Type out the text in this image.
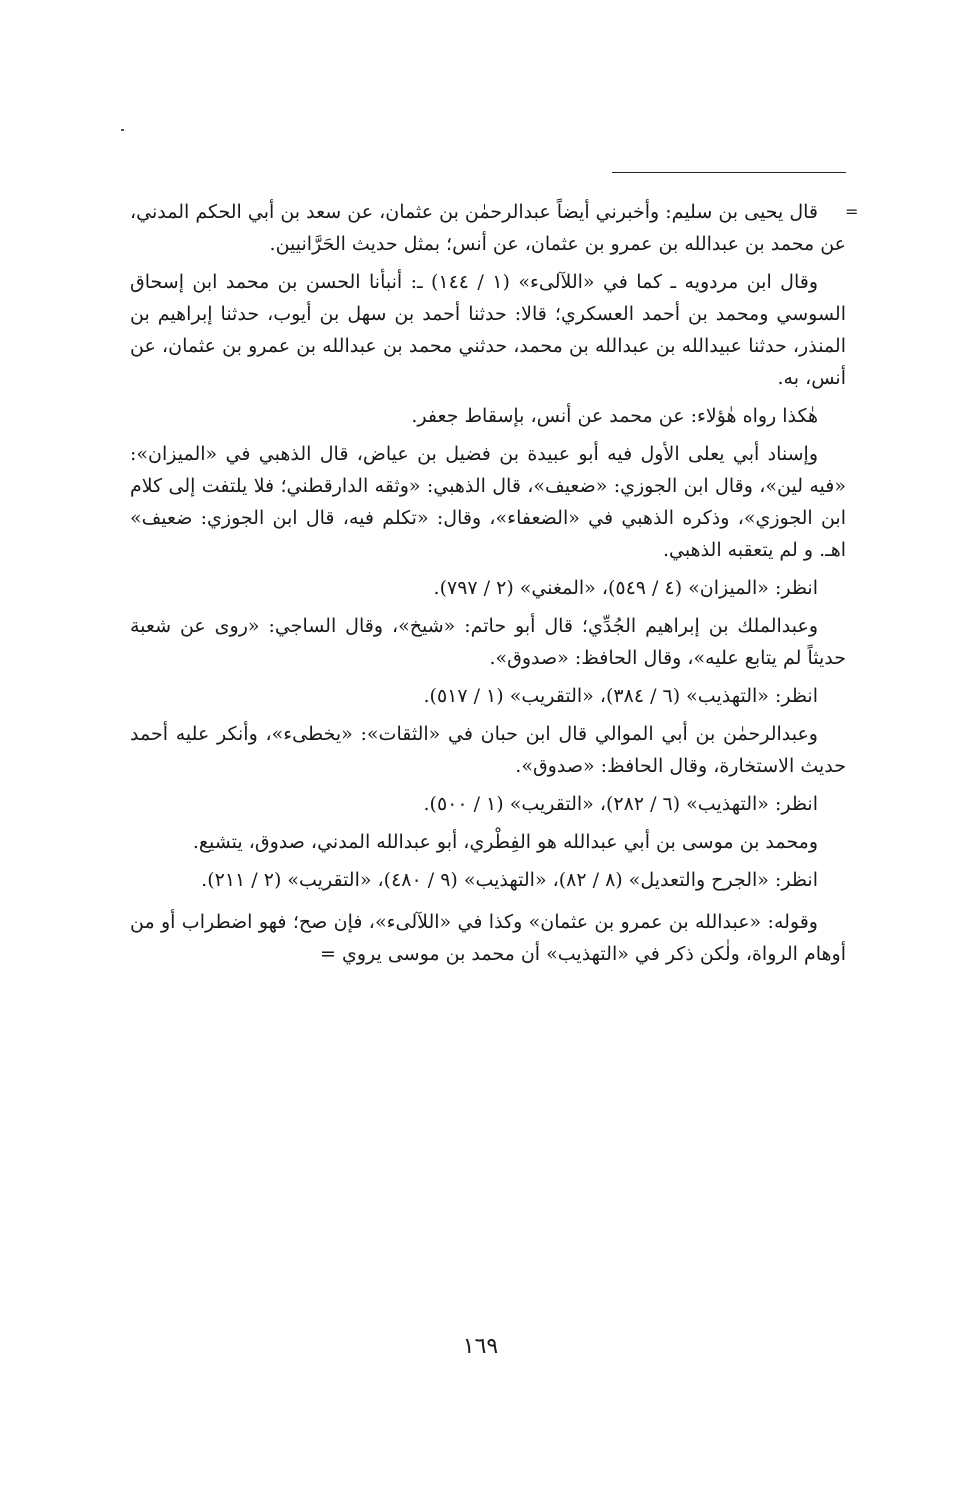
=

قال يحيى بن سليم: وأخبرني أيضاً عبدالرحمٰن بن عثمان، عن سعد بن أبي الحكم المدني، عن محمد بن عبدالله بن عمرو بن عثمان، عن أنس؛ بمثل حديث الحَرَّانيين.

وقال ابن مردويه ـ كما في «اللآلىء» (١ / ١٤٤) ـ: أنبأنا الحسن بن محمد ابن إسحاق السوسي ومحمد بن أحمد العسكري؛ قالا: حدثنا أحمد بن سهل بن أيوب، حدثنا إبراهيم بن المنذر، حدثنا عبيدالله بن عبدالله بن محمد، حدثني محمد بن عبدالله بن عمرو بن عثمان، عن أنس، به.

هٰكذا رواه هٰؤلاء: عن محمد عن أنس، بإسقاط جعفر.

وإسناد أبي يعلى الأول فيه أبو عبيدة بن فضيل بن عياض، قال الذهبي في «الميزان»: «فيه لين»، وقال ابن الجوزي: «ضعيف»، قال الذهبي: «وثقه الدارقطني؛ فلا يلتفت إلى كلام ابن الجوزي»، وذكره الذهبي في «الضعفاء»، وقال: «تكلم فيه، قال ابن الجوزي: ضعيف» اهـ. و لم يتعقبه الذهبي.

انظر: «الميزان» (٤ / ٥٤٩)، «المغني» (٢ / ٧٩٧).

وعبدالملك بن إبراهيم الجُدِّي؛ قال أبو حاتم: «شيخ»، وقال الساجي: «روى عن شعبة حديثاً لم يتابع عليه»، وقال الحافظ: «صدوق».

انظر: «التهذيب» (٦ / ٣٨٤)، «التقريب» (١ / ٥١٧).

وعبدالرحمٰن بن أبي الموالي قال ابن حبان في «الثقات»: «يخطىء»، وأنكر عليه أحمد حديث الاستخارة، وقال الحافظ: «صدوق».

انظر: «التهذيب» (٦ / ٢٨٢)، «التقريب» (١ / ٥٠٠).

ومحمد بن موسى بن أبي عبدالله هو الفِطْري، أبو عبدالله المدني، صدوق، يتشيع.

انظر: «الجرح والتعديل» (٨ / ٨٢)، «التهذيب» (٩ / ٤٨٠)، «التقريب» (٢ / ٢١١).

وقوله: «عبدالله بن عمرو بن عثمان» وكذا في «اللآلىء»، فإن صح؛ فهو اضطراب أو من أوهام الرواة، ولٰكن ذكر في «التهذيب» أن محمد بن موسى يروي =

١٦٩
